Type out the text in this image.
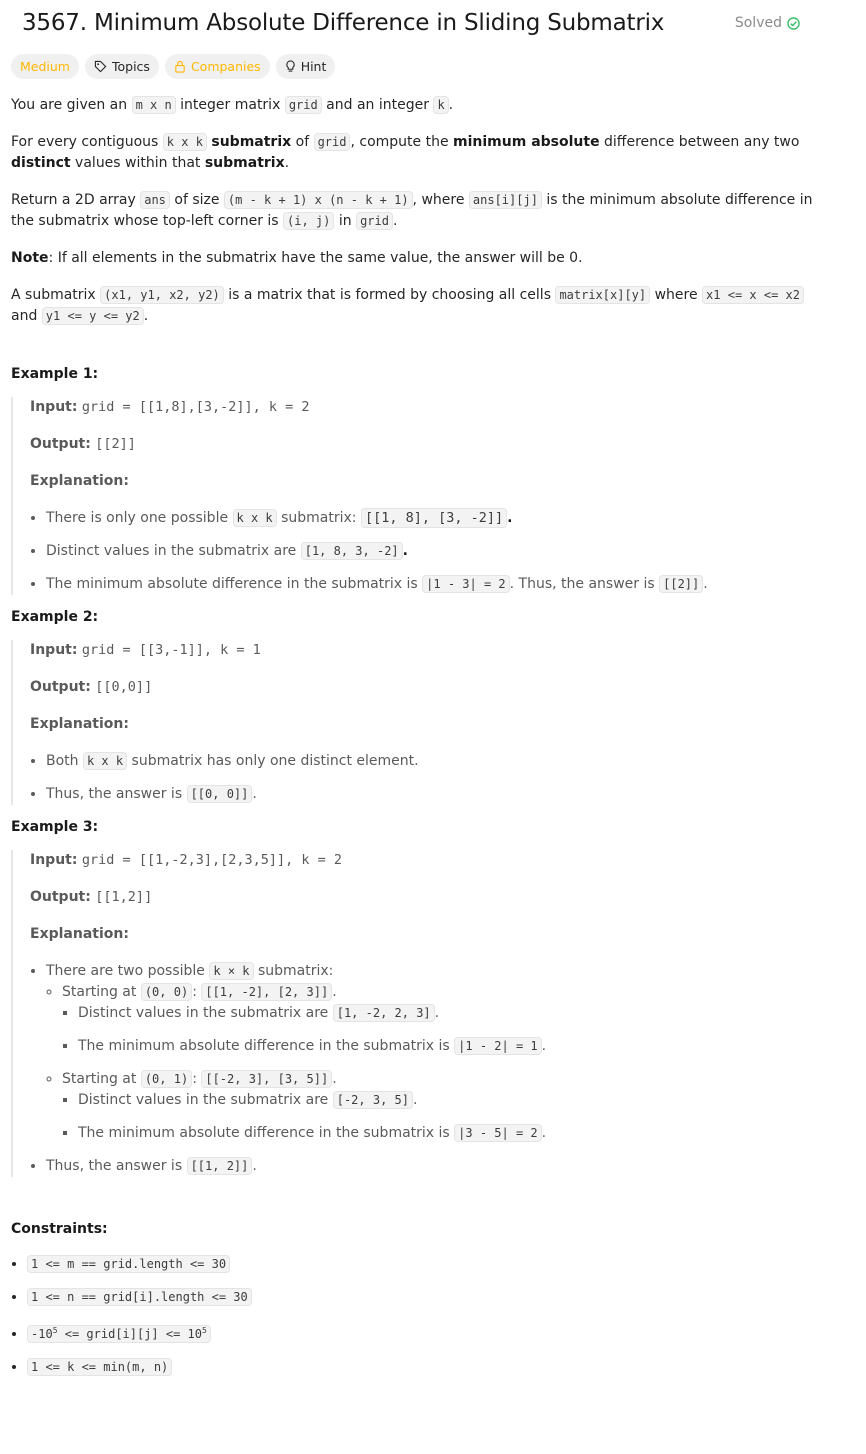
3567. Minimum Absolute Difference in Sliding Submatrix	Solved
Medium	Topics	Companies	Hint

You are given an m x n integer matrix grid and an integer k .

For every contiguous k x k submatrix of grid , compute the minimum absolute difference between any two distinct values within that submatrix.

Return a 2D array ans of size (m - k + 1) x (n - k + 1) , where ans[i][j] is the minimum absolute difference in the submatrix whose top-left corner is (i, j) in grid .

Note: If all elements in the submatrix have the same value, the answer will be 0.

A submatrix (x1, y1, x2, y2) is a matrix that is formed by choosing all cells matrix[x][y] where x1 <= x <= x2 and y1 <= y <= y2 .

Example 1:
Input: grid = [[1,8],[3,-2]], k = 2
Output: [[2]]
Explanation:
• There is only one possible k x k submatrix: [[1, 8], [3, -2]] .
• Distinct values in the submatrix are [1, 8, 3, -2] .
• The minimum absolute difference in the submatrix is |1 - 3| = 2 . Thus, the answer is [[2]] .
Example 2:
Input: grid = [[3,-1]], k = 1
Output: [[0,0]]
Explanation:
• Both k x k submatrix has only one distinct element.
• Thus, the answer is [[0, 0]] .
Example 3:
Input: grid = [[1,-2,3],[2,3,5]], k = 2
Output: [[1,2]]
Explanation:
• There are two possible k × k submatrix:
◦ Starting at (0, 0) : [[1, -2], [2, 3]] .
▪ Distinct values in the submatrix are [1, -2, 2, 3] .
▪ The minimum absolute difference in the submatrix is |1 - 2| = 1 .
◦ Starting at (0, 1) : [[-2, 3], [3, 5]] .
▪ Distinct values in the submatrix are [-2, 3, 5] .
▪ The minimum absolute difference in the submatrix is |3 - 5| = 2 .
• Thus, the answer is [[1, 2]] .
Constraints:
• 1 <= m == grid.length <= 30
• 1 <= n == grid[i].length <= 30
• $-10^5$ <= grid[i][j] <= $10^5$
• 1 <= k <= min(m, n)
